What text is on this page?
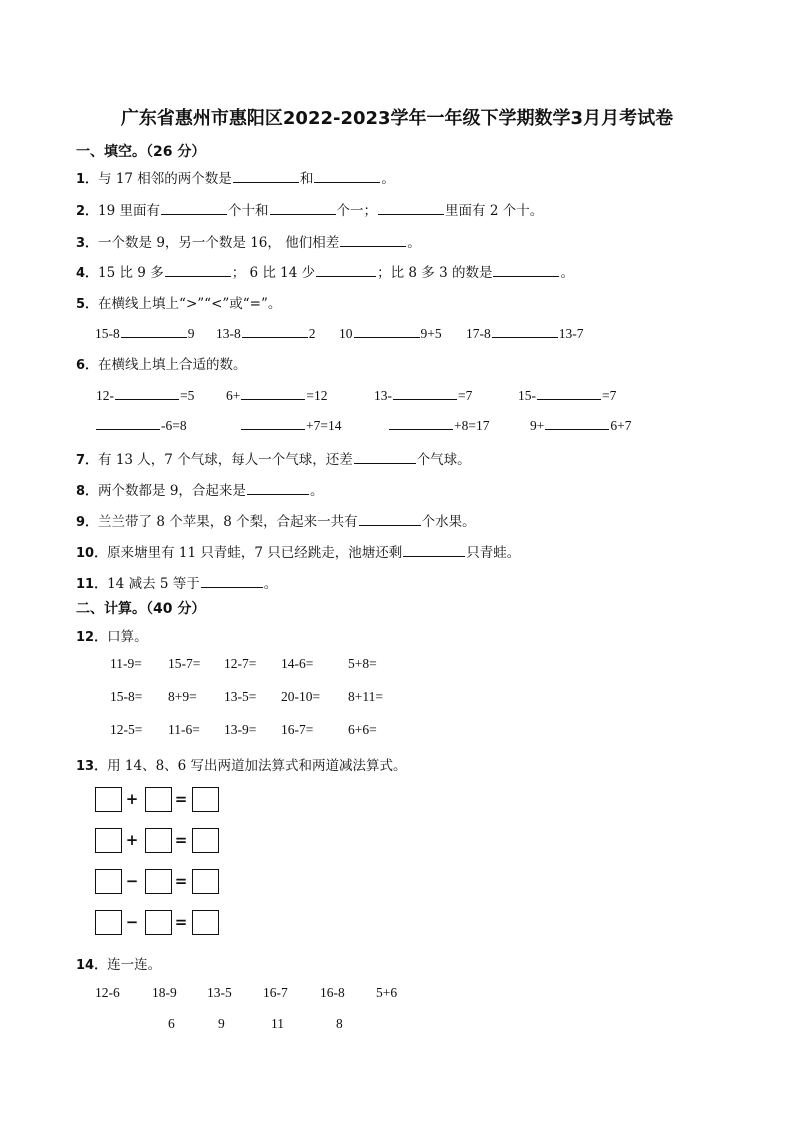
广东省惠州市惠阳区2022-2023学年一年级下学期数学3月月考试卷
一、填空。（26 分）
1．与 17 相邻的两个数是	和	。
2．19 里面有	个十和	个一；	里面有 2 个十。
3．一个数是 9，另一个数是 16， 他们相差	。
4．15 比 9 多	； 6 比 14 少	；比 8 多 3 的数是	。
5．在横线上填上“>”“<”或“=”。
15-8	9 13-8	2 10	9+5 17-8	13-7
6．在横线上填上合适的数。
12-	=5 6+	=12	13-	=7	15-	=7
-6=8	+7=14	+8=17	9+	6+7
7．有 13 人，7 个气球，每人一个气球，还差	个气球。
8．两个数都是 9，合起来是	。
9．兰兰带了 8 个苹果，8 个梨，合起来一共有	个水果。
10．原来塘里有 11 只青蛙，7 只已经跳走，池塘还剩	只青蛙。
11．14 减去 5 等于	。
二、计算。（40 分）
12．口算。
11-9= 15-7= 12-7= 14-6=	5+8=
15-8= 8+9= 13-5= 20-10= 8+11=
12-5= 11-6= 13-9= 16-7=	6+6=
13．用 14、8、6 写出两道加法算式和两道减法算式。
+ =
+ =
− =
− =
14．连一连。
12-6 18-9 13-5 16-7 16-8 5+6
6	9	11	8
